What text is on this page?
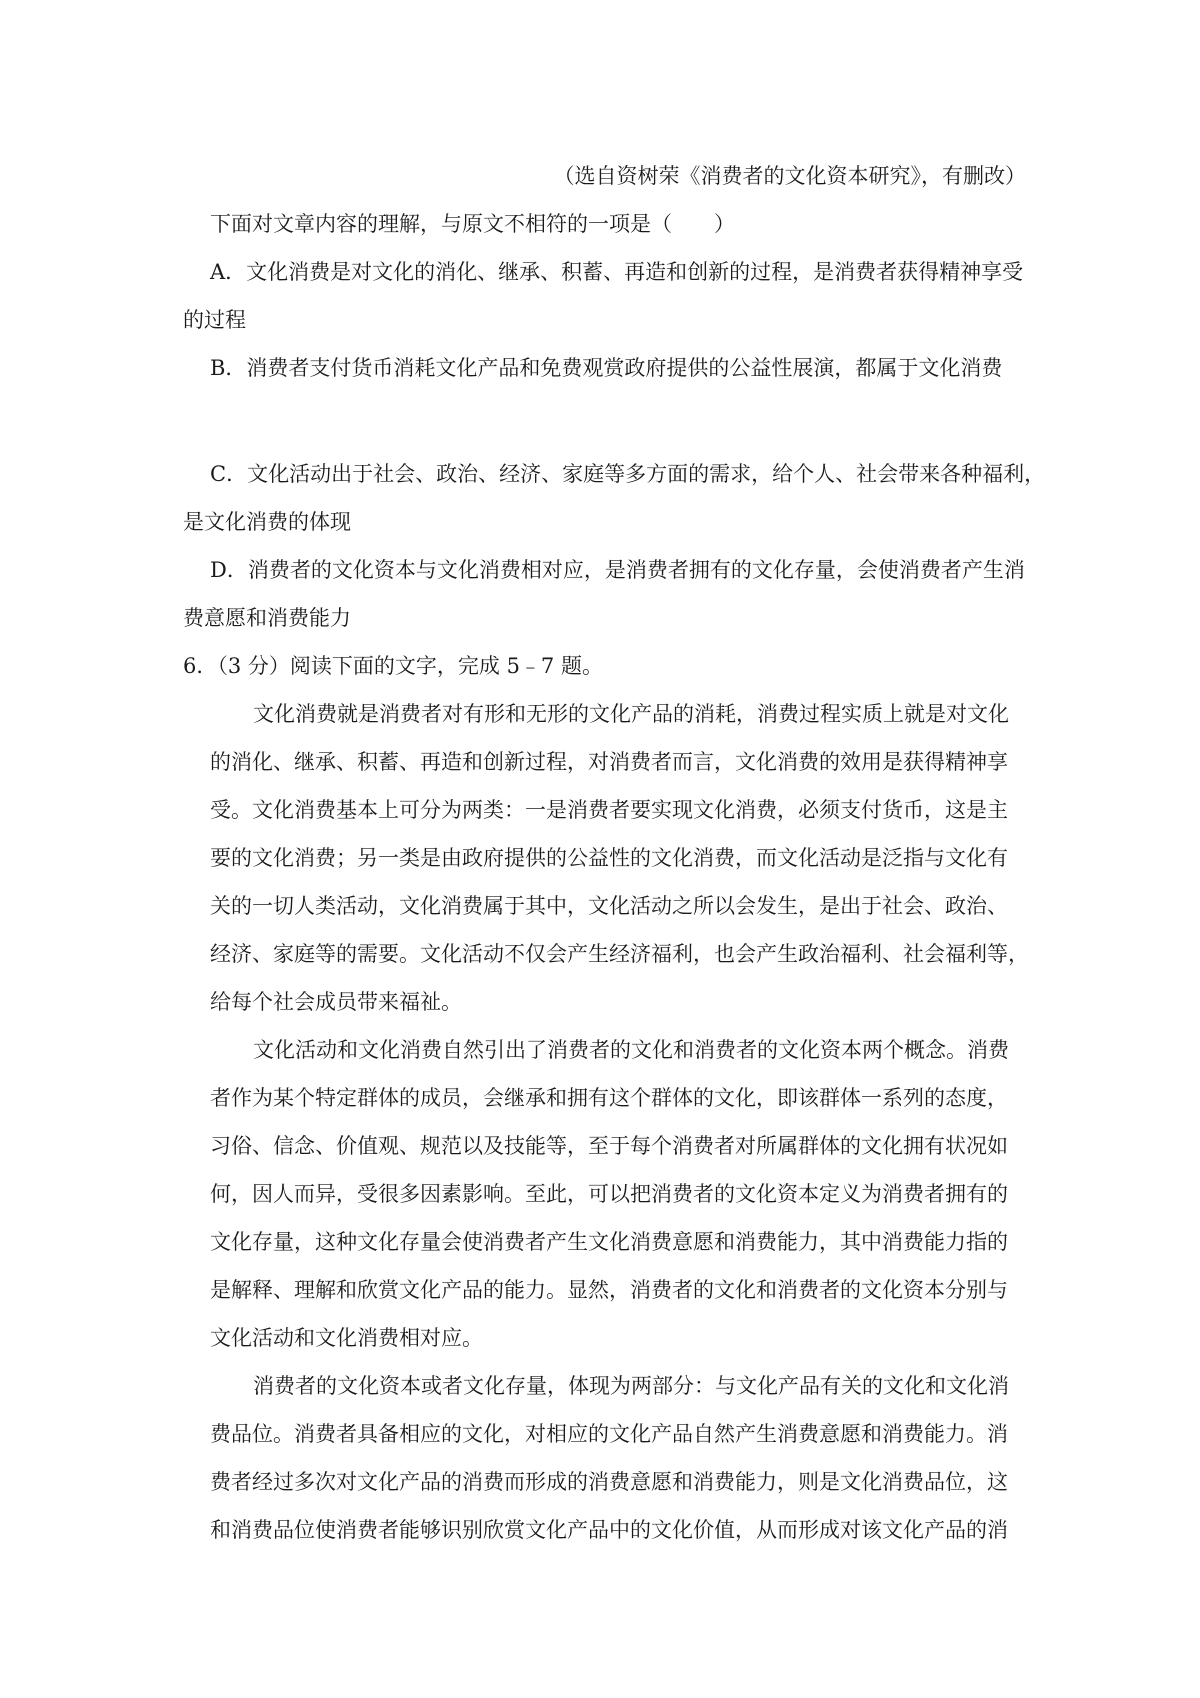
（选自资树荣《消费者的文化资本研究》，有删改）
下面对文章内容的理解，与原文不相符的一项是（　　）
A．文化消费是对文化的消化、继承、积蓄、再造和创新的过程，是消费者获得精神享受
的过程
B．消费者支付货币消耗文化产品和免费观赏政府提供的公益性展演，都属于文化消费
C．文化活动出于社会、政治、经济、家庭等多方面的需求，给个人、社会带来各种福利，
是文化消费的体现
D．消费者的文化资本与文化消费相对应，是消费者拥有的文化存量，会使消费者产生消
费意愿和消费能力
6．（3 分）阅读下面的文字，完成 5﹣7 题。
文化消费就是消费者对有形和无形的文化产品的消耗，消费过程实质上就是对文化
的消化、继承、积蓄、再造和创新过程，对消费者而言，文化消费的效用是获得精神享
受。文化消费基本上可分为两类：一是消费者要实现文化消费，必须支付货币，这是主
要的文化消费；另一类是由政府提供的公益性的文化消费，而文化活动是泛指与文化有
关的一切人类活动，文化消费属于其中，文化活动之所以会发生，是出于社会、政治、
经济、家庭等的需要。文化活动不仅会产生经济福利，也会产生政治福利、社会福利等，
给每个社会成员带来福祉。
文化活动和文化消费自然引出了消费者的文化和消费者的文化资本两个概念。消费
者作为某个特定群体的成员，会继承和拥有这个群体的文化，即该群体一系列的态度，
习俗、信念、价值观、规范以及技能等，至于每个消费者对所属群体的文化拥有状况如
何，因人而异，受很多因素影响。至此，可以把消费者的文化资本定义为消费者拥有的
文化存量，这种文化存量会使消费者产生文化消费意愿和消费能力，其中消费能力指的
是解释、理解和欣赏文化产品的能力。显然，消费者的文化和消费者的文化资本分别与
文化活动和文化消费相对应。
消费者的文化资本或者文化存量，体现为两部分：与文化产品有关的文化和文化消
费品位。消费者具备相应的文化，对相应的文化产品自然产生消费意愿和消费能力。消
费者经过多次对文化产品的消费而形成的消费意愿和消费能力，则是文化消费品位，这
和消费品位使消费者能够识别欣赏文化产品中的文化价值，从而形成对该文化产品的消
